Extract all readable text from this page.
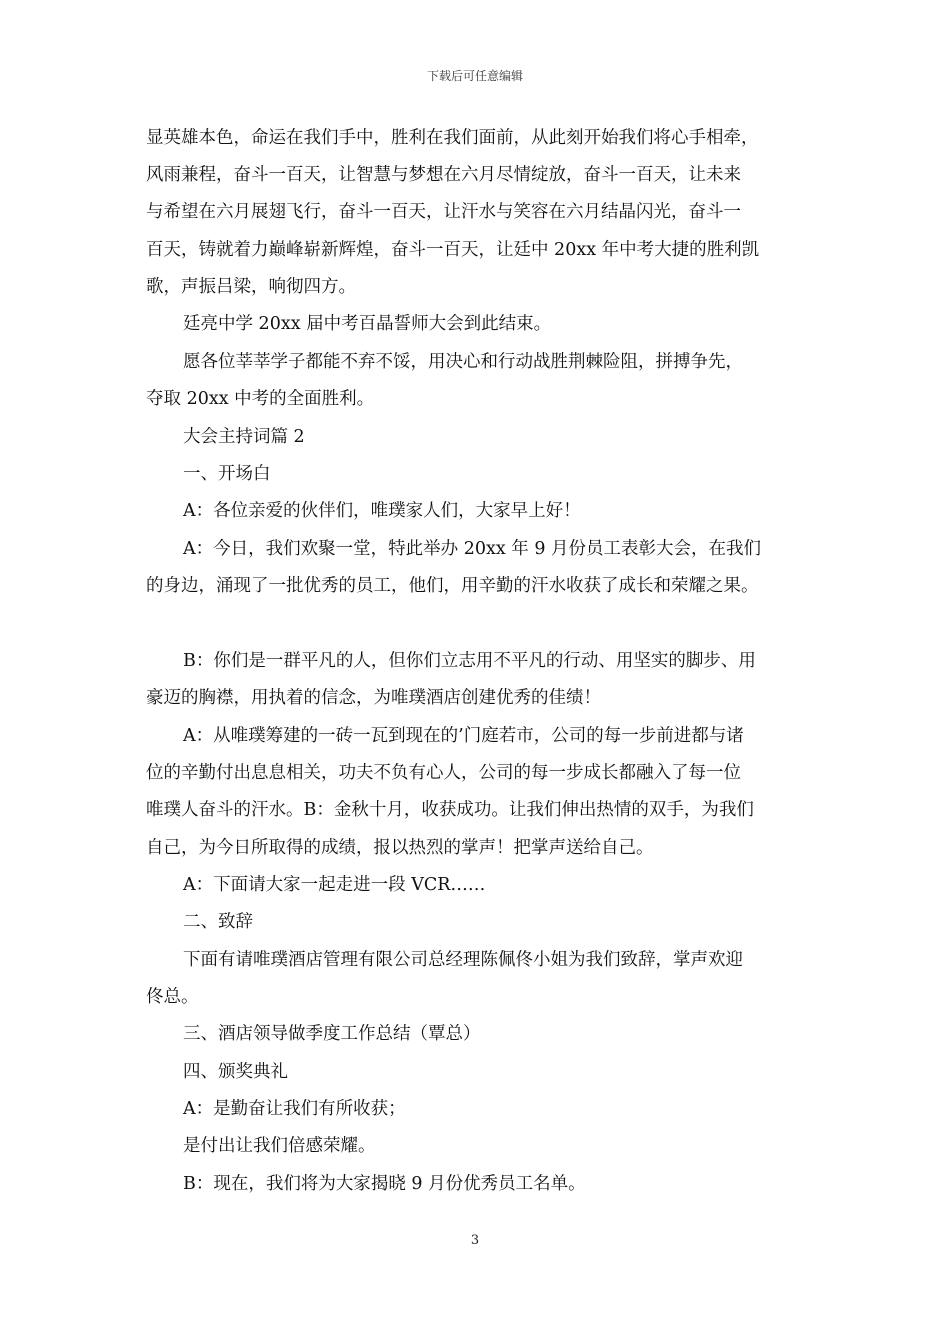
下载后可任意编辑
显英雄本色，命运在我们手中，胜利在我们面前，从此刻开始我们将心手相牵，
风雨兼程，奋斗一百天，让智慧与梦想在六月尽情绽放，奋斗一百天，让未来
与希望在六月展翅飞行，奋斗一百天，让汗水与笑容在六月结晶闪光，奋斗一
百天，铸就着力巅峰崭新辉煌，奋斗一百天，让廷中 20xx 年中考大捷的胜利凯
歌，声振吕梁，响彻四方。
廷亮中学 20xx 届中考百晶誓师大会到此结束。
愿各位莘莘学子都能不弃不馁，用决心和行动战胜荆棘险阻，拼搏争先，
夺取 20xx 中考的全面胜利。
大会主持词篇 2
一、开场白
A：各位亲爱的伙伴们，唯璞家人们，大家早上好！
A：今日，我们欢聚一堂，特此举办 20xx 年 9 月份员工表彰大会，在我们
的身边，涌现了一批优秀的员工，他们，用辛勤的汗水收获了成长和荣耀之果。
B：你们是一群平凡的人，但你们立志用不平凡的行动、用坚实的脚步、用
豪迈的胸襟，用执着的信念，为唯璞酒店创建优秀的佳绩！
A：从唯璞筹建的一砖一瓦到现在的’门庭若市，公司的每一步前进都与诸
位的辛勤付出息息相关，功夫不负有心人，公司的每一步成长都融入了每一位
唯璞人奋斗的汗水。B：金秋十月，收获成功。让我们伸出热情的双手，为我们
自己，为今日所取得的成绩，报以热烈的掌声！把掌声送给自己。
A：下面请大家一起走进一段 VCR……
二、致辞
下面有请唯璞酒店管理有限公司总经理陈佩佟小姐为我们致辞，掌声欢迎
佟总。
三、酒店领导做季度工作总结（覃总）
四、颁奖典礼
A：是勤奋让我们有所收获；
是付出让我们倍感荣耀。
B：现在，我们将为大家揭晓 9 月份优秀员工名单。
3
